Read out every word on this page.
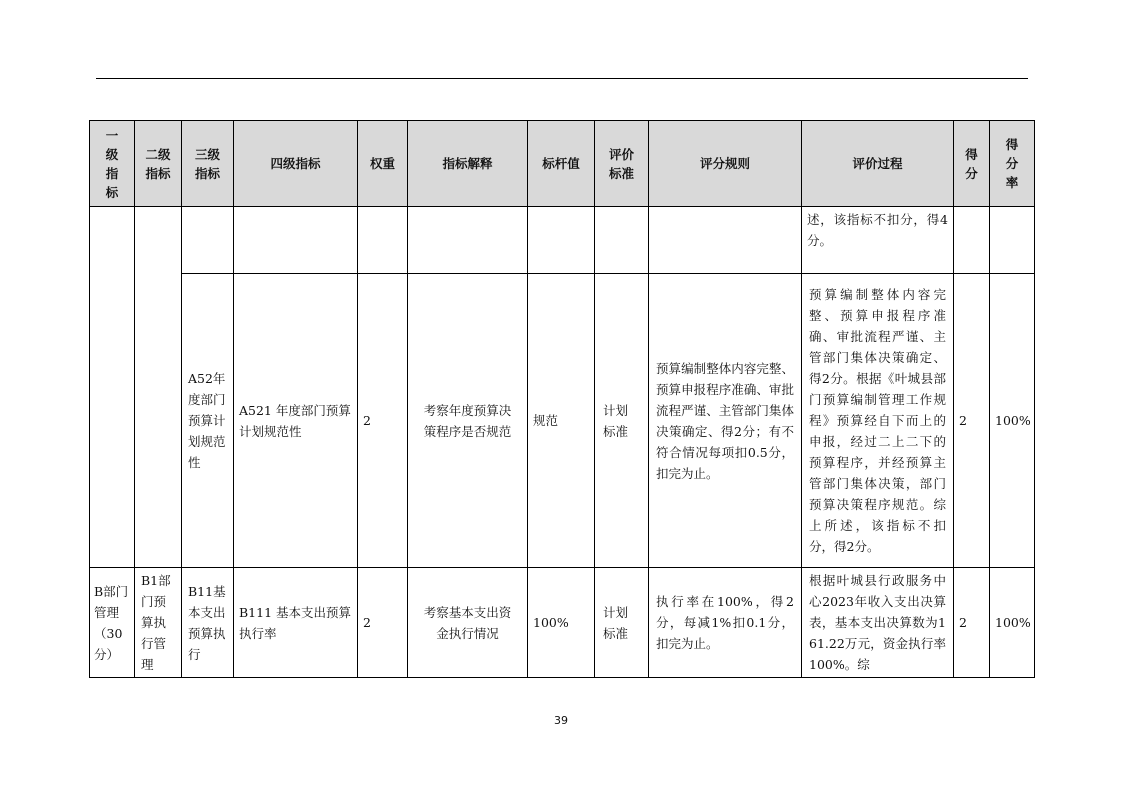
一级指标	二级指标	三级指标	四级指标	权重	指标解释	标杆值	评价标准	评分规则	评价过程	得分	得分率
									述，该指标不扣分，得4分。		
		A52年度部门预算计划规范性	A521 年度部门预算计划规范性	2	考察年度预算决策程序是否规范	规范	计划标准	预算编制整体内容完整、预算申报程序准确、审批流程严谨、主管部门集体决策确定、得2分；有不符合情况每项扣0.5分，扣完为止。	预算编制整体内容完整、预算申报程序准确、审批流程严谨、主管部门集体决策确定、得2分。根据《叶城县部门预算编制管理工作规程》预算经自下而上的申报，经过二上二下的预算程序，并经预算主管部门集体决策，部门预算决策程序规范。综上所述，该指标不扣分，得2分。	2	100%
B部门管理（30分）	B1部门预算执行管理	B11基本支出预算执行	B111 基本支出预算执行率	2	考察基本支出资金执行情况	100%	计划标准	执行率在100%，得2分，每减1%扣0.1分，扣完为止。	根据叶城县行政服务中心2023年收入支出决算表，基本支出决算数为161.22万元，资金执行率100%。综	2	100%
39
